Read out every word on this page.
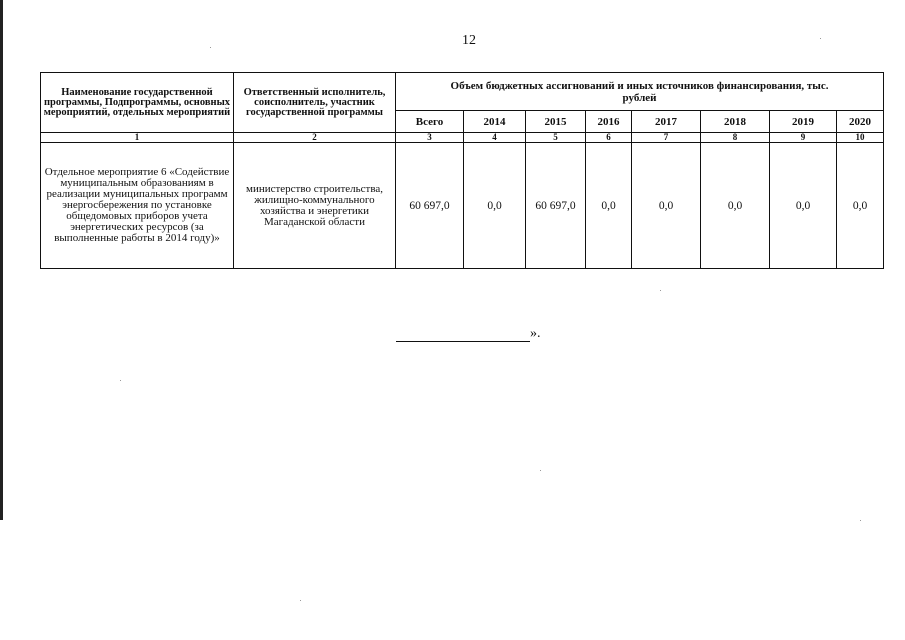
12
Наименование государственной программы, Подпрограммы, основных мероприятий, отдельных мероприятий	Ответственный исполнитель, соисполнитель, участник государственной программы	Объем бюджетных ассигнований и иных источников финансирования, тыс. рублей							
		Всего	2014	2015	2016	2017	2018	2019	2020
1	2	3	4	5	6	7	8	9	10
Отдельное мероприятие 6 «Содействие муниципальным образованиям в реализации муниципальных программ энергосбережения по установке общедомовых приборов учета энергетических ресурсов (за выполненные работы в 2014 году)»	министерство строительства, жилищно-коммунального хозяйства и энергетики Магаданской области	60 697,0	0,0	60 697,0	0,0	0,0	0,0	0,0	0,0
».
